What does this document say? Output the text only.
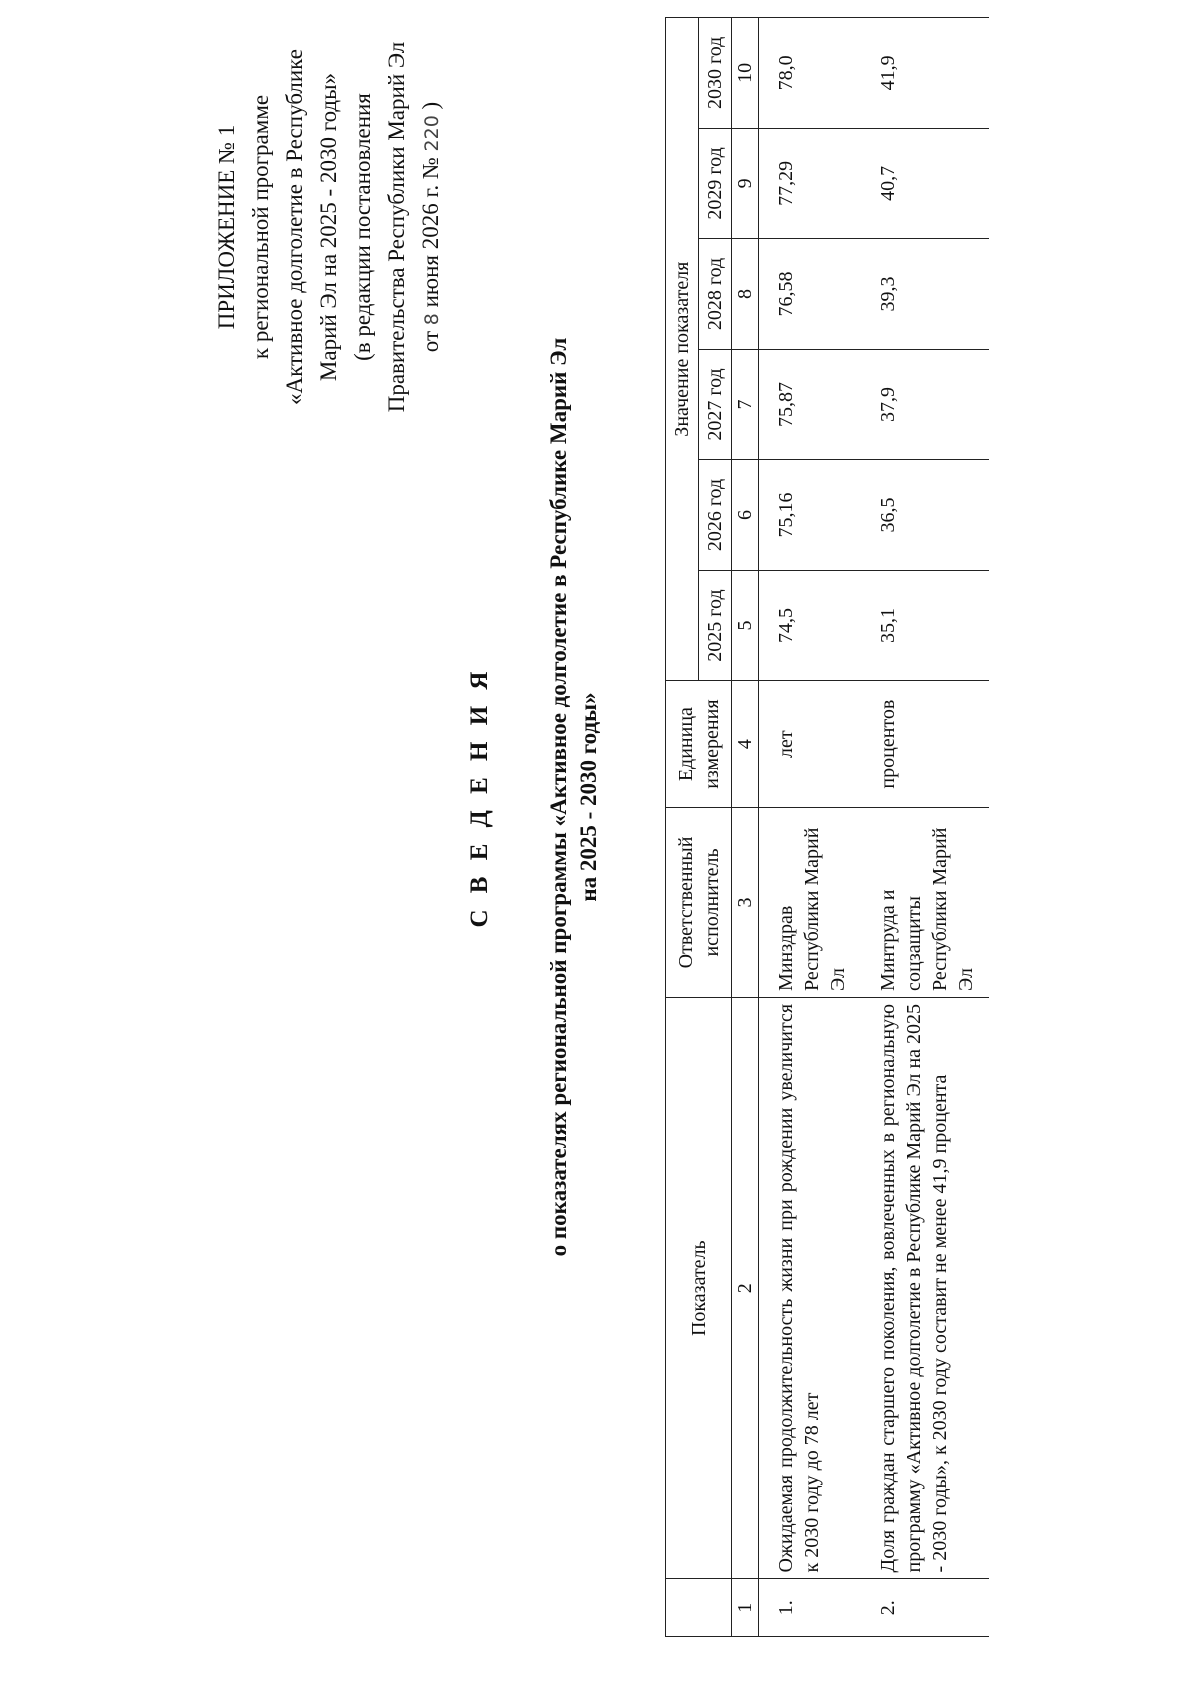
ПРИЛОЖЕНИЕ № 1 к региональной программе «Активное долголетие в Республике Марий Эл на 2025 - 2030 годы» (в редакции постановления Правительства Республики Марий Эл от 8 июня 2026 г. № 220 )
С В Е Д Е Н И Я	о показателях региональной программы «Активное долголетие в Республике Марий Эл на 2025 - 2030 годы»
	Показатель	Ответственный исполнитель	Единица измерения	Значение показателя					
				2025 год	2026 год	2027 год	2028 год	2029 год	2030 год
1	2	3	4	5	6	7	8	9	10
1.	Ожидаемая продолжительность жизни при рождении увеличится к 2030 году до 78 лет	Минздрав Республики Марий Эл	лет	74,5	75,16	75,87	76,58	77,29	78,0
2.	Доля граждан старшего поколения, вовлеченных в региональную программу «Активное долголетие в Республике Марий Эл на 2025 - 2030 годы», к 2030 году составит не менее 41,9 процента	Минтруда и соцзащиты Республики Марий Эл	процентов	35,1	36,5	37,9	39,3	40,7	41,9
